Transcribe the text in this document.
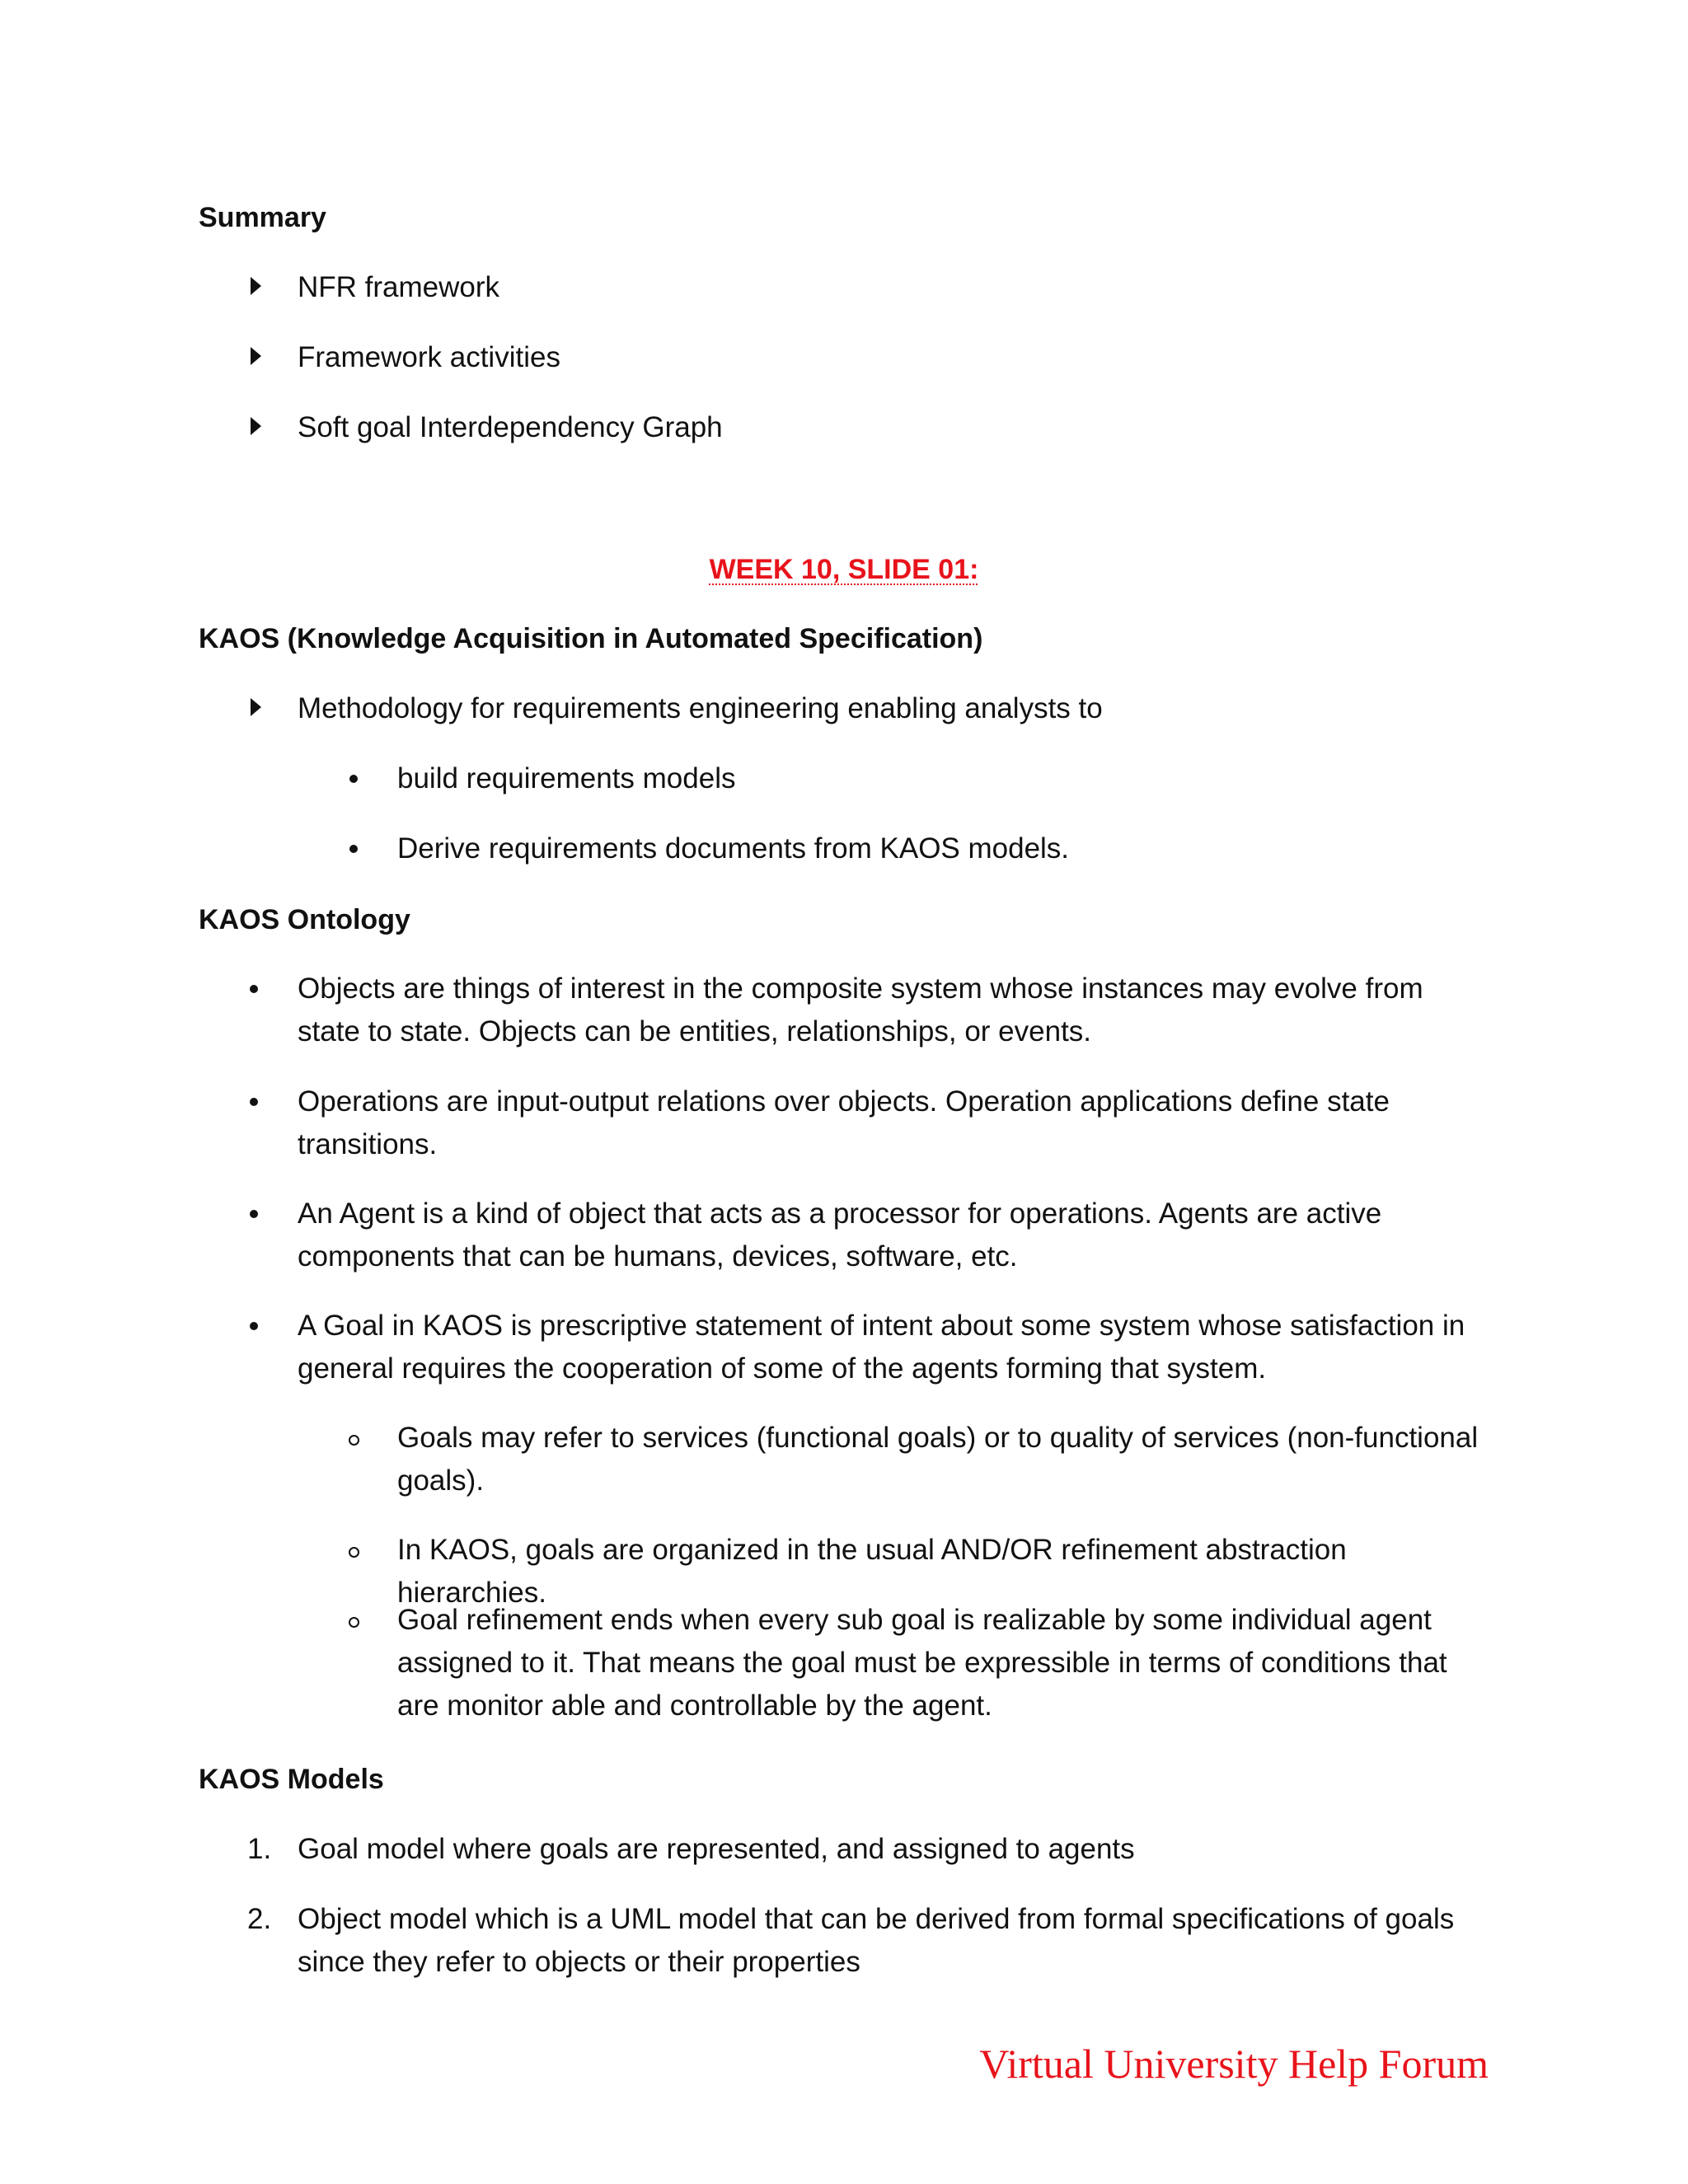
Summary
NFR framework
Framework activities
Soft goal Interdependency Graph
WEEK 10, SLIDE 01:
KAOS (Knowledge Acquisition in Automated Specification)
Methodology for requirements engineering enabling analysts to
build requirements models
Derive requirements documents from KAOS models.
KAOS Ontology
Objects are things of interest in the composite system whose instances may evolve from state to state. Objects can be entities, relationships, or events.
Operations are input-output relations over objects. Operation applications define state transitions.
An Agent is a kind of object that acts as a processor for operations. Agents are active components that can be humans, devices, software, etc.
A Goal in KAOS is prescriptive statement of intent about some system whose satisfaction in general requires the cooperation of some of the agents forming that system.
Goals may refer to services (functional goals) or to quality of services (non-functional goals).
In KAOS, goals are organized in the usual AND/OR refinement abstraction hierarchies.
Goal refinement ends when every sub goal is realizable by some individual agent assigned to it. That means the goal must be expressible in terms of conditions that are monitor able and controllable by the agent.
KAOS Models
1. Goal model where goals are represented, and assigned to agents
2. Object model which is a UML model that can be derived from formal specifications of goals since they refer to objects or their properties
Virtual University Help Forum
